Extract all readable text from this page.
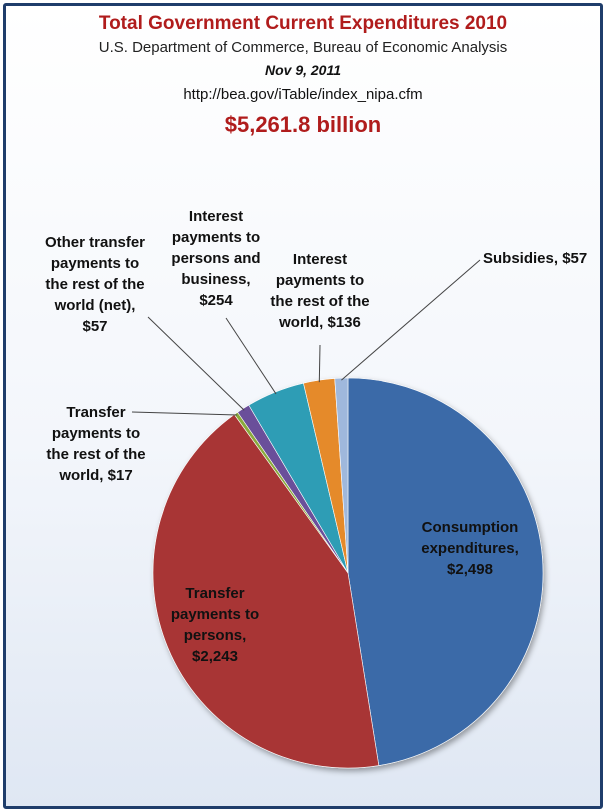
Total Government Current Expenditures 2010
U.S. Department of Commerce, Bureau of Economic Analysis
Nov 9, 2011
http://bea.gov/iTable/index_nipa.cfm
$5,261.8 billion
Consumption expenditures, $2,498
Transfer payments to persons, $2,243
Transfer payments to the rest of the world, $17
Other transfer payments to the rest of the world (net), $57
Interest payments to persons and business, $254
Interest payments to the rest of the world, $136
Subsidies, $57
